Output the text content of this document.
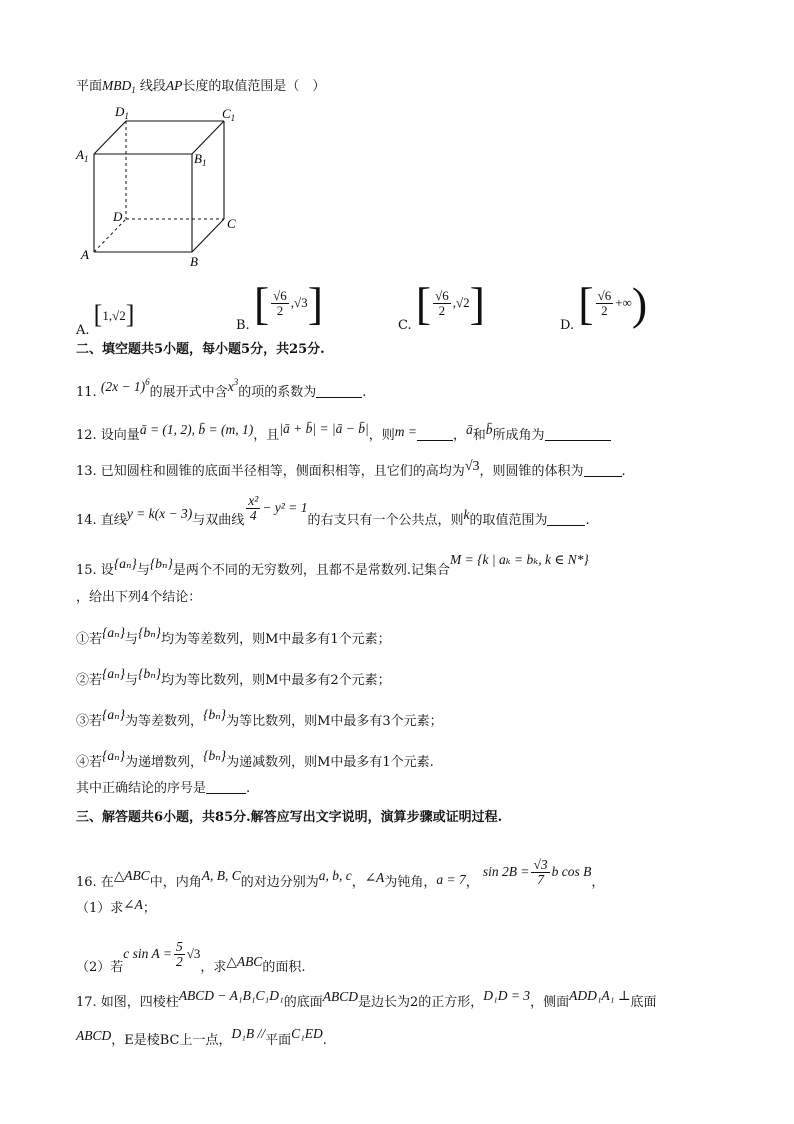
平面$MBD_1$ 线段AP长度的取值范围是（　）
$D_1$	$C_1$
$A_1$	$B_1$
D	C
A	B
A. [1,√2]	B. [ $\frac{√6}{2} ,√3$]	C. [ $\frac{√6}{2} ,√2$]	D. [ $\frac{√6}{2}$ +∞)
二、填空题共5小题，每小题5分，共25分.
11. $(2x - 1)^6$的展开式中含$x^3$的项的系数为	.
12. 设向量ā = (1, 2), b̄ = (m, 1)，且|ā + b̄| = |ā − b̄|，则m =	，ā和b̄所成角为
13. 已知圆柱和圆锥的底面半径相等，侧面积相等，且它们的高均为√3，则圆锥的体积为	.
14. 直线y = k(x − 3)与双曲线 $\frac{\text{x²}}{4} - y^2 = 1$的右支只有一个公共点，则k的取值范围为	.
15. 设{aₙ}与{bₙ}是两个不同的无穷数列，且都不是常数列.记集合M = {k | aₖ = bₖ, k ∈ N*}
，给出下列4个结论：
①若{aₙ}与{bₙ}均为等差数列，则M中最多有1个元素；
②若{aₙ}与{bₙ}均为等比数列，则M中最多有2个元素；
③若{aₙ}为等差数列，{bₙ}为等比数列，则M中最多有3个元素；
④若{aₙ}为递增数列，{bₙ}为递减数列，则M中最多有1个元素.
其中正确结论的序号是	.
三、解答题共6小题，共85分.解答应写出文字说明，演算步骤或证明过程.
16. 在△ABC中，内角A, B, C的对边分别为a, b, c，∠A为钝角，a = 7， $\sin 2B = \frac{√3}{7}$ b cos B，
（1）求∠A；
（2）若c $\sin A = \frac{5}{2} √3$，求△ABC的面积.
17. 如图，四棱柱ABCD − A₁B₁C₁D₁的底面ABCD是边长为2的正方形，D₁D = 3，侧面ADD₁A₁ ⊥底面
ABCD，E是棱BC上一点，D₁B //平面C₁ED.
